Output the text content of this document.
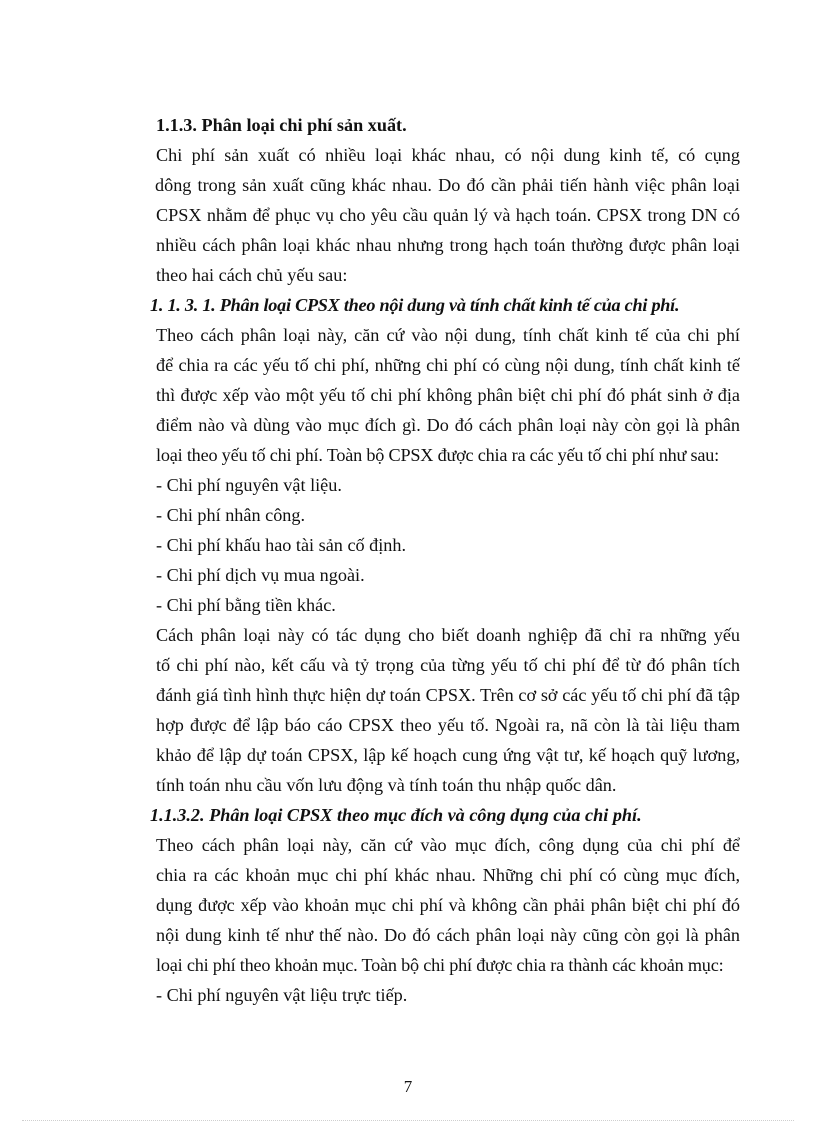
1.1.3. Phân loại chi phí sản xuất.
Chi phí sản xuất có nhiều loại khác nhau, có nội dung kinh tế, có cụng
dông trong sản xuất cũng khác nhau. Do đó cần phải tiến hành việc phân loại
CPSX nhằm để phục vụ cho yêu cầu quản lý và hạch toán. CPSX trong DN có
nhiều cách phân loại khác nhau nhưng trong hạch toán thường được phân loại
theo hai cách chủ yếu sau:
1. 1. 3. 1. Phân loại CPSX theo nội dung và tính chất kinh tế của chi phí.
Theo cách phân loại này, căn cứ vào nội dung, tính chất kinh tế của chi phí
để chia ra các yếu tố chi phí, những chi phí có cùng nội dung, tính chất kinh tế
thì được xếp vào một yếu tố chi phí không phân biệt chi phí đó phát sinh ở địa
điểm nào và dùng vào mục đích gì. Do đó cách phân loại này còn gọi là phân
loại theo yếu tố chi phí. Toàn bộ CPSX được chia ra các yếu tố chi phí như sau:
- Chi phí nguyên vật liệu.
- Chi phí nhân công.
- Chi phí khấu hao tài sản cố định.
- Chi phí dịch vụ mua ngoài.
- Chi phí bằng tiền khác.
Cách phân loại này có tác dụng cho biết doanh nghiệp đã chỉ ra những yếu
tố chi phí nào, kết cấu và tỷ trọng của từng yếu tố chi phí để từ đó phân tích
đánh giá tình hình thực hiện dự toán CPSX. Trên cơ sở các yếu tố chi phí đã tập
hợp được để lập báo cáo CPSX theo yếu tố. Ngoài ra, nã còn là tài liệu tham
khảo để lập dự toán CPSX, lập kế hoạch cung ứng vật tư, kế hoạch quỹ lương,
tính toán nhu cầu vốn lưu động và tính toán thu nhập quốc dân.
1.1.3.2. Phân loại CPSX theo mục đích và công dụng của chi phí.
Theo cách phân loại này, căn cứ vào mục đích, công dụng của chi phí để
chia ra các khoản mục chi phí khác nhau. Những chi phí có cùng mục đích,
dụng được xếp vào khoản mục chi phí và không cần phải phân biệt chi phí đó
nội dung kinh tế như thế nào. Do đó cách phân loại này cũng còn gọi là phân
loại chi phí theo khoản mục. Toàn bộ chi phí được chia ra thành các khoản mục:
- Chi phí nguyên vật liệu trực tiếp.
7
